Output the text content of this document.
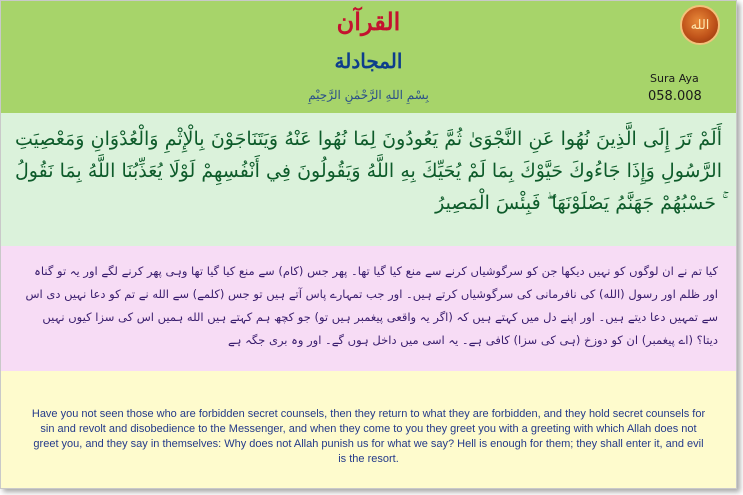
القرآن
المجادلة
بِسْمِ اللهِ الرَّحْمٰنِ الرَّحِيْمِ
الله
Sura Aya
058.008
أَلَمْ تَرَ إِلَى الَّذِينَ نُهُوا عَنِ النَّجْوَىٰ ثُمَّ يَعُودُونَ لِمَا نُهُوا عَنْهُ وَيَتَنَاجَوْنَ بِالْإِثْمِ وَالْعُدْوَانِ وَمَعْصِيَتِ الرَّسُولِ وَإِذَا جَاءُوكَ حَيَّوْكَ بِمَا لَمْ يُحَيِّكَ بِهِ اللَّهُ وَيَقُولُونَ فِي أَنْفُسِهِمْ لَوْلَا يُعَذِّبُنَا اللَّهُ بِمَا نَقُولُ ۚ حَسْبُهُمْ جَهَنَّمُ يَصْلَوْنَهَا ۖ فَبِئْسَ الْمَصِيرُ
کیا تم نے ان لوگوں کو نہیں دیکھا جن کو سرگوشیاں کرنے سے منع کیا گیا تھا۔ پھر جس (کام) سے منع کیا گیا تھا وہی پھر کرنے لگے اور یہ تو گناہ اور ظلم اور رسول (الله) کی نافرمانی کی سرگوشیاں کرتے ہیں۔ اور جب تمہارے پاس آتے ہیں تو جس (کلمے) سے الله نے تم کو دعا نہیں دی اس سے تمہیں دعا دیتے ہیں۔ اور اپنے دل میں کہتے ہیں کہ (اگر یہ واقعی پیغمبر ہیں تو) جو کچھ ہم کہتے ہیں الله ہمیں اس کی سزا کیوں نہیں دیتا؟ (اے پیغمبر) ان کو دوزخ (ہی کی سزا) کافی ہے۔ یہ اسی میں داخل ہوں گے۔ اور وہ بری جگہ ہے
Have you not seen those who are forbidden secret counsels, then they return to what they are forbidden, and they hold secret counsels for sin and revolt and disobedience to the Messenger, and when they come to you they greet you with a greeting with which Allah does not greet you, and they say in themselves: Why does not Allah punish us for what we say? Hell is enough for them; they shall enter it, and evil is the resort.
